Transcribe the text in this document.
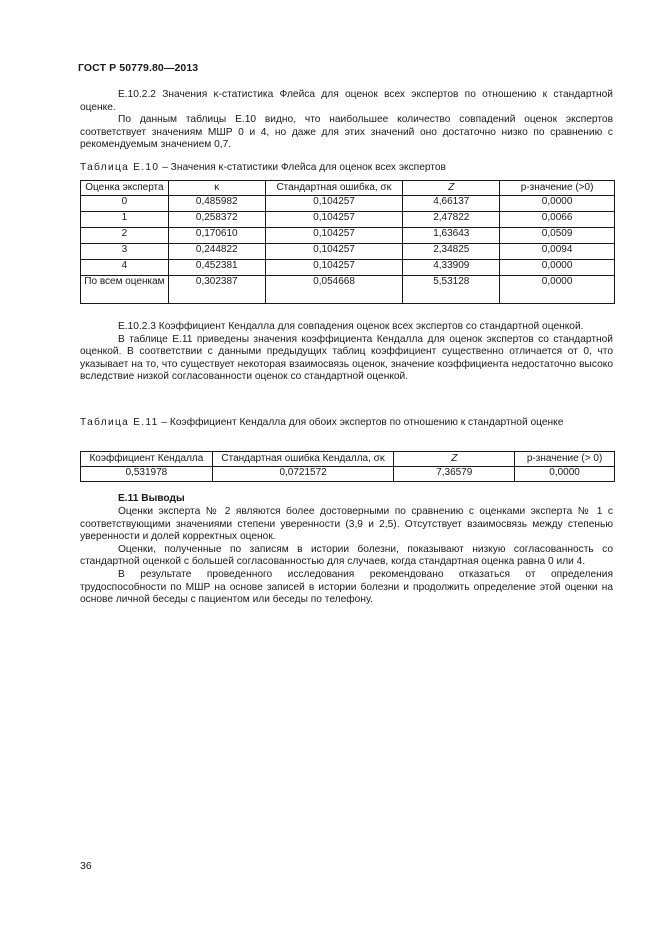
ГОСТ Р 50779.80—2013

Е.10.2.2 Значения κ-статистика Флейса для оценок всех экспертов по отношению к стандартной оценке.

По данным таблицы Е.10 видно, что наибольшее количество совпадений оценок экспертов соответствует значениям МШР 0 и 4, но даже для этих значений оно достаточно низко по сравнению с рекомендуемым значением 0,7.

Таблица Е.10 – Значения κ-статистики Флейса для оценок всех экспертов
Оценка эксперта	κ	Стандартная ошибка, σκ	Z	p-значение (>0)
0	0,485982	0,104257	4,66137	0,0000
1	0,258372	0,104257	2,47822	0,0066
2	0,170610	0,104257	1,63643	0,0509
3	0,244822	0,104257	2,34825	0,0094
4	0,452381	0,104257	4,33909	0,0000
По всем оценкам	0,302387	0,054668	5,53128	0,0000

Е.10.2.3 Коэффициент Кендалла для совпадения оценок всех экспертов со стандартной оценкой.

В таблице Е.11 приведены значения коэффициента Кендалла для оценок экспертов со стандартной оценкой. В соответствии с данными предыдущих таблиц коэффициент существенно отличается от 0, что указывает на то, что существует некоторая взаимосвязь оценок, значение коэффициента недостаточно высоко вследствие низкой согласованности оценок со стандартной оценкой.

Таблица Е.11 – Коэффициент Кендалла для обоих экспертов по отношению к стандартной оценке
Коэффициент Кендалла	Стандартная ошибка Кендалла, σκ	Z	p-значение (> 0)
0,531978	0,0721572	7,36579	0,0000
Е.11 Выводы

Оценки эксперта № 2 являются более достоверными по сравнению с оценками эксперта № 1 с соответствующими значениями степени уверенности (3,9 и 2,5). Отсутствует взаимосвязь между степенью уверенности и долей корректных оценок.

Оценки, полученные по записям в истории болезни, показывают низкую согласованность со стандартной оценкой с большей согласованностью для случаев, когда стандартная оценка равна 0 или 4.

В результате проведенного исследования рекомендовано отказаться от определения трудоспособности по МШР на основе записей в истории болезни и продолжить определение этой оценки на основе личной беседы с пациентом или беседы по телефону.

36
